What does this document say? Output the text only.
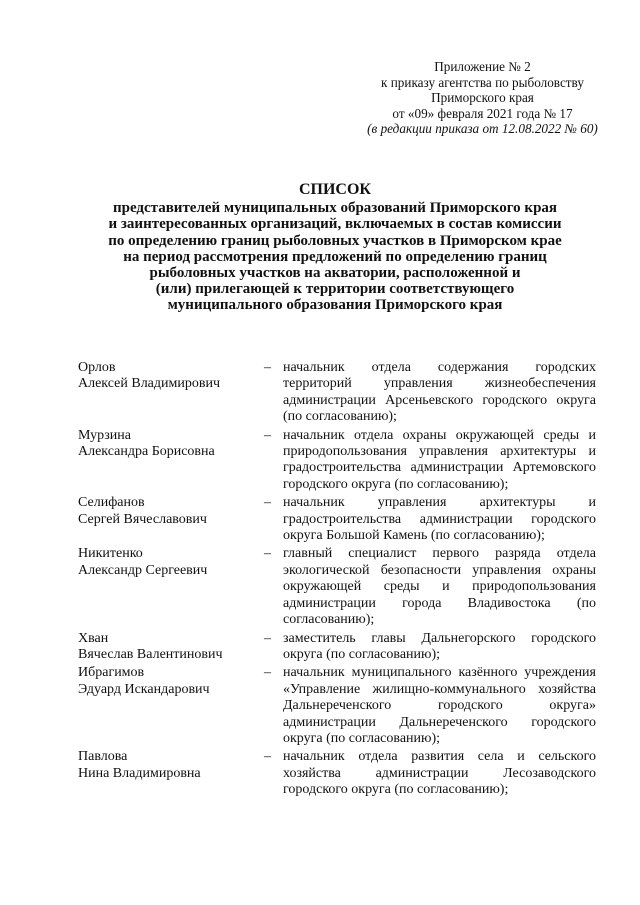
Приложение № 2
к приказу агентства по рыболовству
Приморского края
от «09» февраля 2021 года № 17
(в редакции приказа от 12.08.2022 № 60)
СПИСОК
представителей муниципальных образований Приморского края
и заинтересованных организаций, включаемых в состав комиссии
по определению границ рыболовных участков в Приморском крае
на период рассмотрения предложений по определению границ
рыболовных участков на акватории, расположенной и
(или) прилегающей к территории соответствующего
муниципального образования Приморского края
Орлов
Алексей Владимирович
– начальник отдела содержания городских территорий управления жизнеобеспечения администрации Арсеньевского городского округа (по согласованию);
Мурзина
Александра Борисовна
– начальник отдела охраны окружающей среды и природопользования управления архитектуры и градостроительства администрации Артемовского городского округа (по согласованию);
Селифанов
Сергей Вячеславович
– начальник управления архитектуры и градостроительства администрации городского округа Большой Камень (по согласованию);
Никитенко
Александр Сергеевич
– главный специалист первого разряда отдела экологической безопасности управления охраны окружающей среды и природопользования администрации города Владивостока (по согласованию);
Хван
Вячеслав Валентинович
– заместитель главы Дальнегорского городского округа (по согласованию);
Ибрагимов
Эдуард Искандарович
– начальник муниципального казённого учреждения «Управление жилищно-коммунального хозяйства Дальнереченского городского округа» администрации Дальнереченского городского округа (по согласованию);
Павлова
Нина Владимировна
– начальник отдела развития села и сельского хозяйства администрации Лесозаводского городского округа (по согласованию);
